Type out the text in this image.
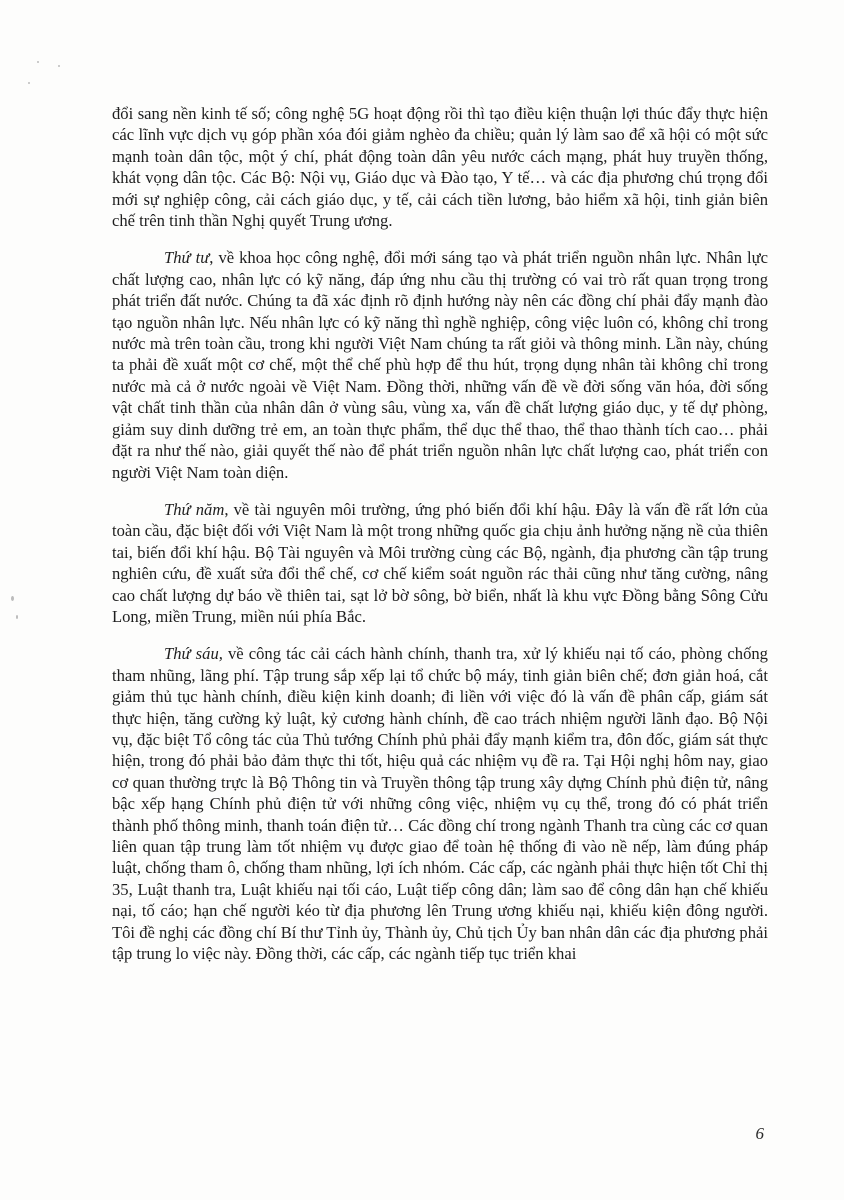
đổi sang nền kinh tế số; công nghệ 5G hoạt động rồi thì tạo điều kiện thuận lợi thúc đẩy thực hiện các lĩnh vực dịch vụ góp phần xóa đói giảm nghèo đa chiều; quản lý làm sao để xã hội có một sức mạnh toàn dân tộc, một ý chí, phát động toàn dân yêu nước cách mạng, phát huy truyền thống, khát vọng dân tộc. Các Bộ: Nội vụ, Giáo dục và Đào tạo, Y tế… và các địa phương chú trọng đổi mới sự nghiệp công, cải cách giáo dục, y tế, cải cách tiền lương, bảo hiểm xã hội, tinh giản biên chế trên tinh thần Nghị quyết Trung ương.

Thứ tư, về khoa học công nghệ, đổi mới sáng tạo và phát triển nguồn nhân lực. Nhân lực chất lượng cao, nhân lực có kỹ năng, đáp ứng nhu cầu thị trường có vai trò rất quan trọng trong phát triển đất nước. Chúng ta đã xác định rõ định hướng này nên các đồng chí phải đẩy mạnh đào tạo nguồn nhân lực. Nếu nhân lực có kỹ năng thì nghề nghiệp, công việc luôn có, không chỉ trong nước mà trên toàn cầu, trong khi người Việt Nam chúng ta rất giỏi và thông minh. Lần này, chúng ta phải đề xuất một cơ chế, một thể chế phù hợp để thu hút, trọng dụng nhân tài không chỉ trong nước mà cả ở nước ngoài về Việt Nam. Đồng thời, những vấn đề về đời sống văn hóa, đời sống vật chất tinh thần của nhân dân ở vùng sâu, vùng xa, vấn đề chất lượng giáo dục, y tế dự phòng, giảm suy dinh dưỡng trẻ em, an toàn thực phẩm, thể dục thể thao, thể thao thành tích cao… phải đặt ra như thế nào, giải quyết thế nào để phát triển nguồn nhân lực chất lượng cao, phát triển con người Việt Nam toàn diện.

Thứ năm, về tài nguyên môi trường, ứng phó biến đổi khí hậu. Đây là vấn đề rất lớn của toàn cầu, đặc biệt đối với Việt Nam là một trong những quốc gia chịu ảnh hưởng nặng nề của thiên tai, biến đổi khí hậu. Bộ Tài nguyên và Môi trường cùng các Bộ, ngành, địa phương cần tập trung nghiên cứu, đề xuất sửa đổi thể chế, cơ chế kiểm soát nguồn rác thải cũng như tăng cường, nâng cao chất lượng dự báo về thiên tai, sạt lở bờ sông, bờ biển, nhất là khu vực Đồng bằng Sông Cửu Long, miền Trung, miền núi phía Bắc.

Thứ sáu, về công tác cải cách hành chính, thanh tra, xử lý khiếu nại tố cáo, phòng chống tham nhũng, lãng phí. Tập trung sắp xếp lại tổ chức bộ máy, tinh giản biên chế; đơn giản hoá, cắt giảm thủ tục hành chính, điều kiện kinh doanh; đi liền với việc đó là vấn đề phân cấp, giám sát thực hiện, tăng cường kỷ luật, kỷ cương hành chính, đề cao trách nhiệm người lãnh đạo. Bộ Nội vụ, đặc biệt Tổ công tác của Thủ tướng Chính phủ phải đẩy mạnh kiểm tra, đôn đốc, giám sát thực hiện, trong đó phải bảo đảm thực thi tốt, hiệu quả các nhiệm vụ đề ra. Tại Hội nghị hôm nay, giao cơ quan thường trực là Bộ Thông tin và Truyền thông tập trung xây dựng Chính phủ điện tử, nâng bậc xếp hạng Chính phủ điện tử với những công việc, nhiệm vụ cụ thể, trong đó có phát triển thành phố thông minh, thanh toán điện tử… Các đồng chí trong ngành Thanh tra cùng các cơ quan liên quan tập trung làm tốt nhiệm vụ được giao để toàn hệ thống đi vào nề nếp, làm đúng pháp luật, chống tham ô, chống tham nhũng, lợi ích nhóm. Các cấp, các ngành phải thực hiện tốt Chỉ thị 35, Luật thanh tra, Luật khiếu nại tối cáo, Luật tiếp công dân; làm sao để công dân hạn chế khiếu nại, tố cáo; hạn chế người kéo từ địa phương lên Trung ương khiếu nại, khiếu kiện đông người. Tôi đề nghị các đồng chí Bí thư Tỉnh ủy, Thành ủy, Chủ tịch Ủy ban nhân dân các địa phương phải tập trung lo việc này. Đồng thời, các cấp, các ngành tiếp tục triển khai

6
